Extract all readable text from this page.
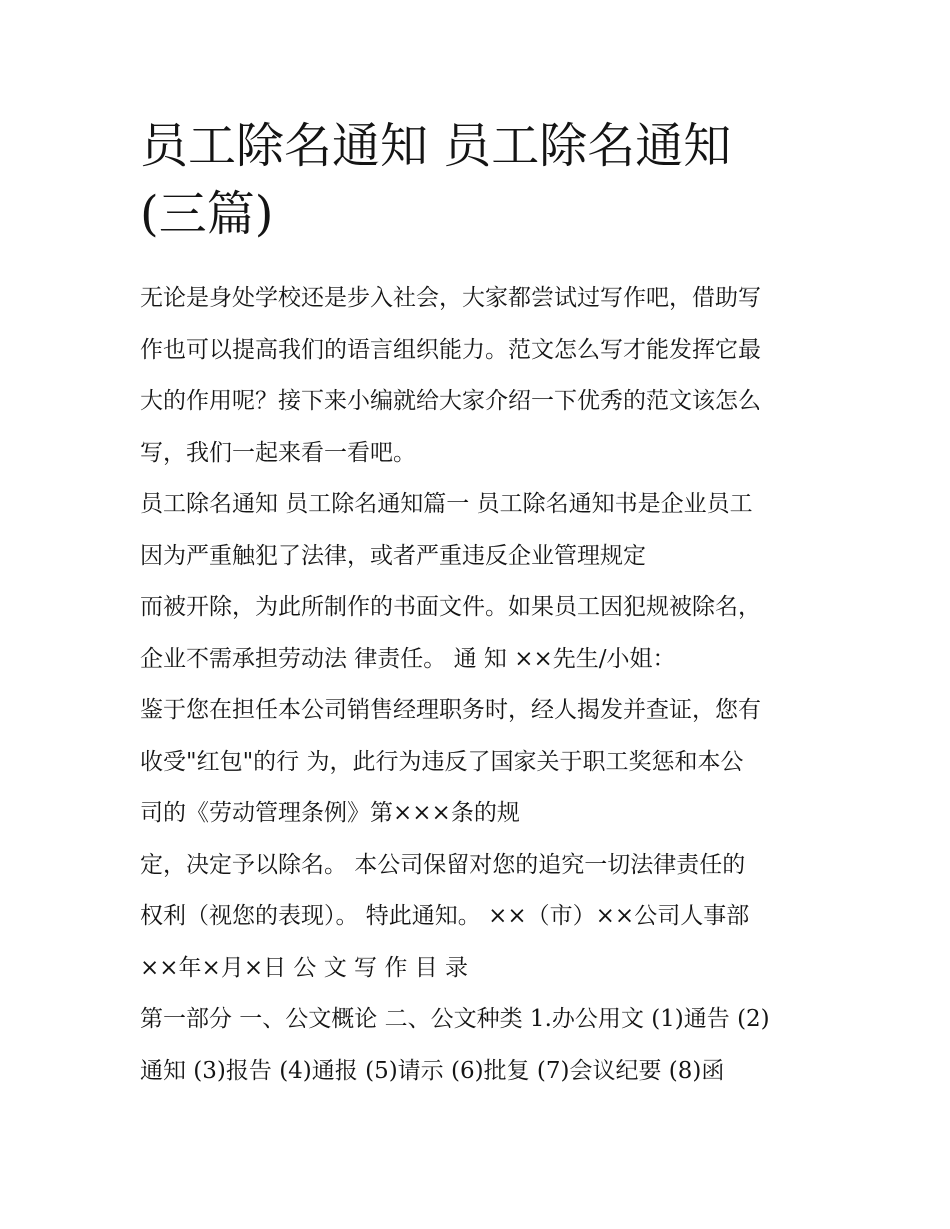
员工除名通知 员工除名通知
(三篇)
无论是身处学校还是步入社会，大家都尝试过写作吧，借助写
作也可以提高我们的语言组织能力。范文怎么写才能发挥它最
大的作用呢？接下来小编就给大家介绍一下优秀的范文该怎么
写，我们一起来看一看吧。
员工除名通知 员工除名通知篇一 员工除名通知书是企业员工
因为严重触犯了法律，或者严重违反企业管理规定
而被开除，为此所制作的书面文件。如果员工因犯规被除名，
企业不需承担劳动法 律责任。 通 知 ××先生/小姐：
鉴于您在担任本公司销售经理职务时，经人揭发并查证，您有
收受"红包"的行 为，此行为违反了国家关于职工奖惩和本公
司的《劳动管理条例》第×××条的规
定，决定予以除名。 本公司保留对您的追究一切法律责任的
权利（视您的表现）。 特此通知。 ××（市）××公司人事部
××年×月×日 公 文 写 作 目 录
第一部分 一、公文概论 二、公文种类 1.办公用文 (1)通告 (2)
通知 (3)报告 (4)通报 (5)请示 (6)批复 (7)会议纪要 (8)函
